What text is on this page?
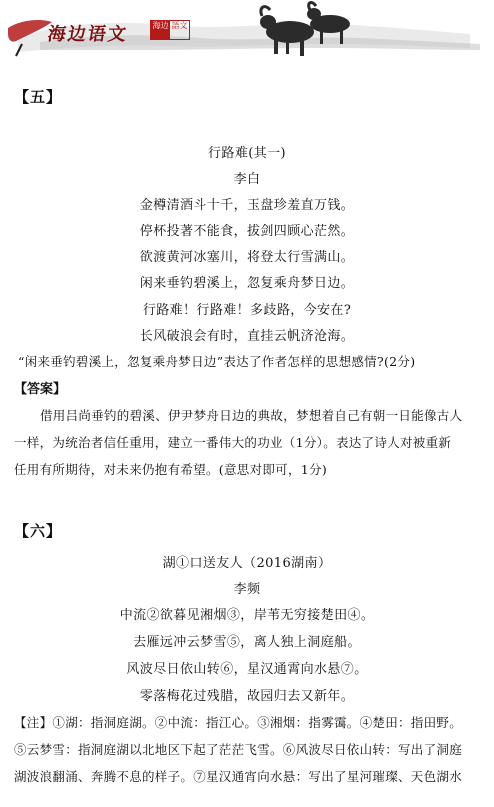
海边语文	海边 語文
【五】
行路难(其一)
李白
金樽清酒斗十千，玉盘珍羞直万钱。
停杯投著不能食，拔剑四顾心茫然。
欲渡黄河冰塞川，将登太行雪满山。
闲来垂钓碧溪上，忽复乘舟梦日边。
行路难！行路难！多歧路，今安在?
长风破浪会有时，直挂云帆济沧海。
“闲来垂钓碧溪上，忽复乘舟梦日边”表达了作者怎样的思想感情?(2分)
【答案】
借用吕尚垂钓的碧溪、伊尹梦舟日边的典故，梦想着自己有朝一日能像古人
一样，为统治者信任重用，建立一番伟大的功业（1分）。表达了诗人对被重新
任用有所期待，对未来仍抱有希望。(意思对即可，1分)
【六】
湖①口送友人（2016湖南）
李频
中流②欲暮见湘烟③，岸苇无穷接楚田④。
去雁远冲云梦雪⑤，离人独上洞庭船。
风波尽日依山转⑥，星汉通霄向水悬⑦。
零落梅花过残腊，故园归去又新年。
【注】①湖：指洞庭湖。②中流：指江心。③湘烟：指雾霭。④楚田：指田野。
⑤云梦雪：指洞庭湖以北地区下起了茫茫飞雪。⑥风波尽日依山转：写出了洞庭
湖波浪翻涌、奔腾不息的样子。⑦星汉通宵向水悬：写出了星河璀璨、天色湖水
